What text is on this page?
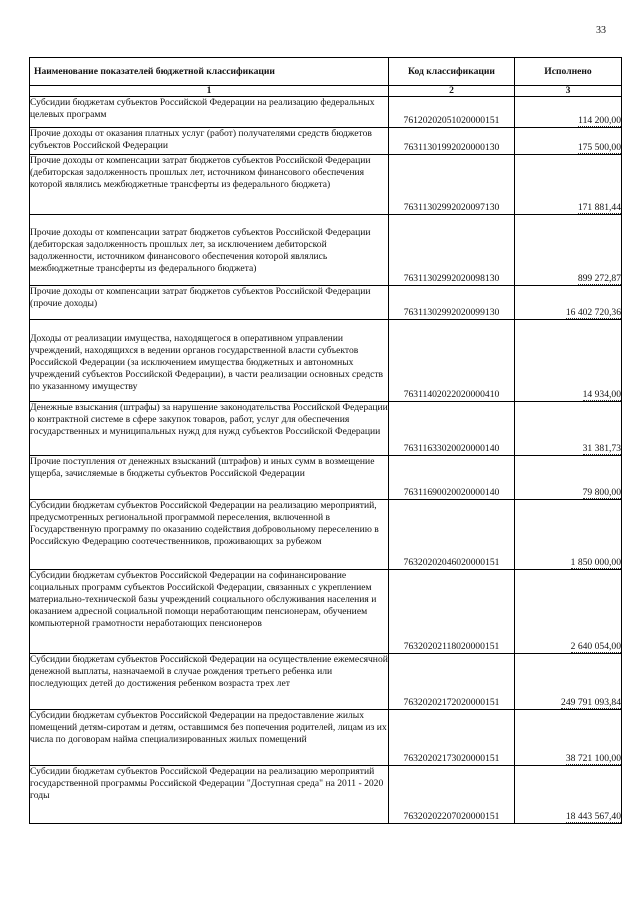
33
Наименование показателей бюджетной классификации	Код классификации	Исполнено
1	2	3
Субсидии бюджетам субъектов Российской Федерации на реализацию федеральных целевых программ	76120202051020000151	114 200,00
Прочие доходы от оказания платных услуг (работ) получателями средств бюджетов субъектов Российской Федерации	76311301992020000130	175 500,00
Прочие доходы от компенсации затрат бюджетов субъектов Российской Федерации (дебиторская задолженность прошлых лет, источником финансового обеспечения которой являлись межбюджетные трансферты из федерального бюджета)	76311302992020097130	171 881,44
Прочие доходы от компенсации затрат бюджетов субъектов Российской Федерации (дебиторская задолженность прошлых лет, за исключением дебиторской задолженности, источником финансового обеспечения которой являлись межбюджетные трансферты из федерального бюджета)	76311302992020098130	899 272,87
Прочие доходы от компенсации затрат бюджетов субъектов Российской Федерации (прочие доходы)	76311302992020099130	16 402 720,36
Доходы от реализации имущества, находящегося в оперативном управлении учреждений, находящихся в ведении органов государственной власти субъектов Российской Федерации (за исключением имущества бюджетных и автономных учреждений субъектов Российской Федерации), в части реализации основных средств по указанному имуществу	76311402022020000410	14 934,00
Денежные взыскания (штрафы) за нарушение законодательства Российской Федерации о контрактной системе в сфере закупок товаров, работ, услуг для обеспечения государственных и муниципальных нужд для нужд субъектов Российской Федерации	76311633020020000140	31 381,73
Прочие поступления от денежных взысканий (штрафов) и иных сумм в возмещение ущерба, зачисляемые в бюджеты субъектов Российской Федерации	76311690020020000140	79 800,00
Субсидии бюджетам субъектов Российской Федерации на реализацию мероприятий, предусмотренных региональной программой переселения, включенной в Государственную программу по оказанию содействия добровольному переселению в Российскую Федерацию соотечественников, проживающих за рубежом	76320202046020000151	1 850 000,00
Субсидии бюджетам субъектов Российской Федерации на софинансирование социальных программ субъектов Российской Федерации, связанных с укреплением материально-технической базы учреждений социального обслуживания населения и оказанием адресной социальной помощи неработающим пенсионерам, обучением компьютерной грамотности неработающих пенсионеров	76320202118020000151	2 640 054,00
Субсидии бюджетам субъектов Российской Федерации на осуществление ежемесячной денежной выплаты, назначаемой в случае рождения третьего ребенка или последующих детей до достижения ребенком возраста трех лет	76320202172020000151	249 791 093,84
Субсидии бюджетам субъектов Российской Федерации на предоставление жилых помещений детям-сиротам и детям, оставшимся без попечения родителей, лицам из их числа по договорам найма специализированных жилых помещений	76320202173020000151	38 721 100,00
Субсидии бюджетам субъектов Российской Федерации на реализацию мероприятий государственной программы Российской Федерации "Доступная среда" на 2011 - 2020 годы	76320202207020000151	18 443 567,40
